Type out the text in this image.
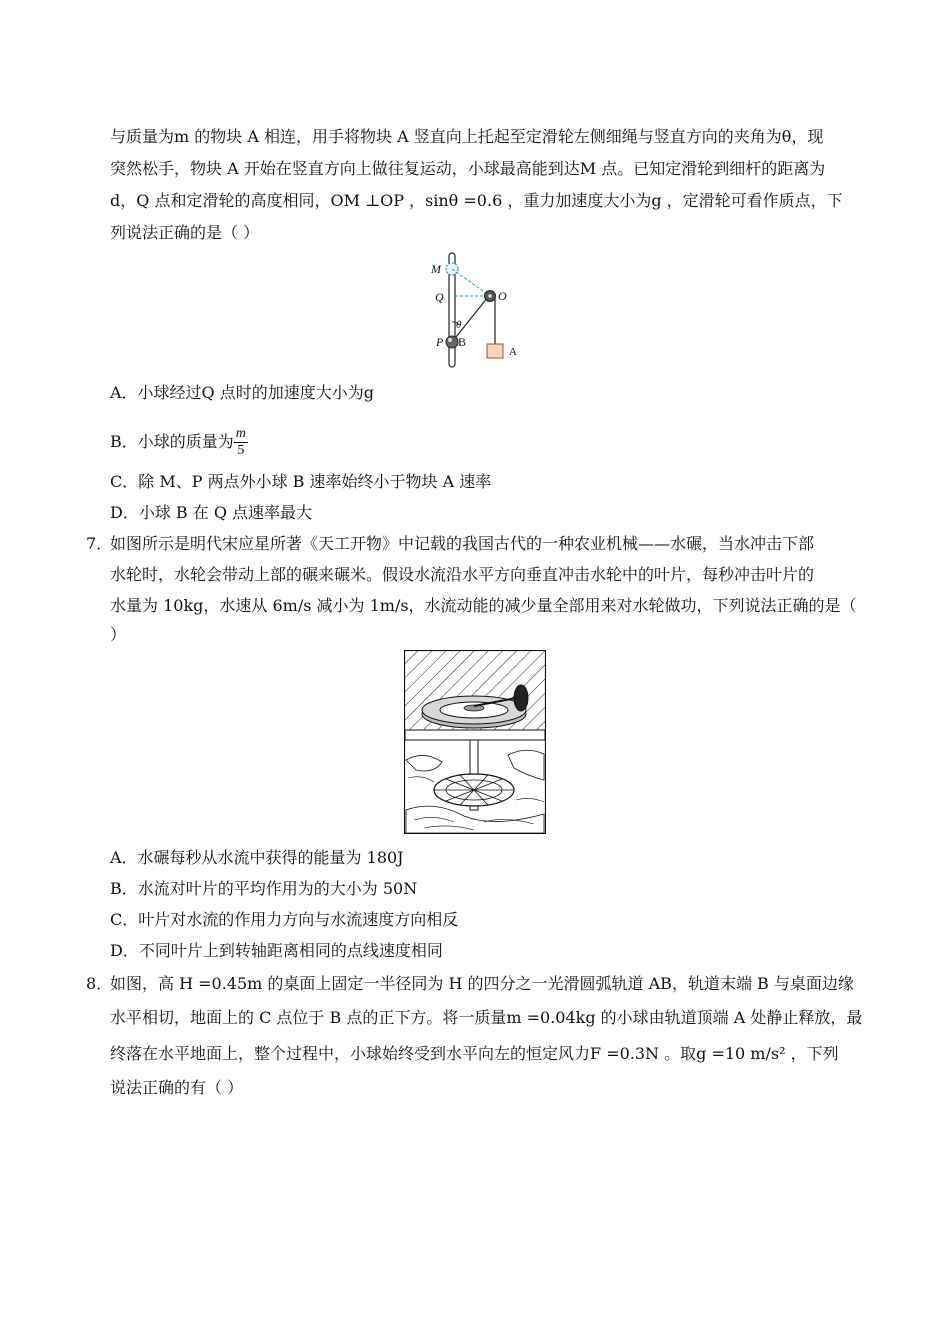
与质量为m 的物块 A 相连，用手将物块 A 竖直向上托起至定滑轮左侧细绳与竖直方向的夹角为θ，现
突然松手，物块 A 开始在竖直方向上做往复运动，小球最高能到达M 点。已知定滑轮到细杆的距离为
d，Q 点和定滑轮的高度相同，OM ⊥OP ，sinθ =0.6 ，重力加速度大小为g ，定滑轮可看作质点，下
列说法正确的是（ ）
M
Q
P B
O
θ
A
A．小球经过Q 点时的加速度大小为g
B．小球的质量为 $\frac{m}{5}$
C．除 M、P 两点外小球 B 速率始终小于物块 A 速率
D．小球 B 在 Q 点速率最大
7．
如图所示是明代宋应星所著《天工开物》中记载的我国古代的一种农业机械——水碾，当水冲击下部
水轮时，水轮会带动上部的碾来碾米。假设水流沿水平方向垂直冲击水轮中的叶片，每秒冲击叶片的
水量为 10kg，水速从 6m/s 减小为 1m/s，水流动能的减少量全部用来对水轮做功，下列说法正确的是（
）
A．水碾每秒从水流中获得的能量为 180J
B．水流对叶片的平均作用为的大小为 50N
C．叶片对水流的作用力方向与水流速度方向相反
D．不同叶片上到转轴距离相同的点线速度相同
8．
如图，高 H =0.45m 的桌面上固定一半径同为 H 的四分之一光滑圆弧轨道 AB，轨道末端 B 与桌面边缘
水平相切，地面上的 C 点位于 B 点的正下方。将一质量m =0.04kg 的小球由轨道顶端 A 处静止释放，最
终落在水平地面上，整个过程中，小球始终受到水平向左的恒定风力F =0.3N 。取g =10 m/s² ，下列
说法正确的有（ ）
